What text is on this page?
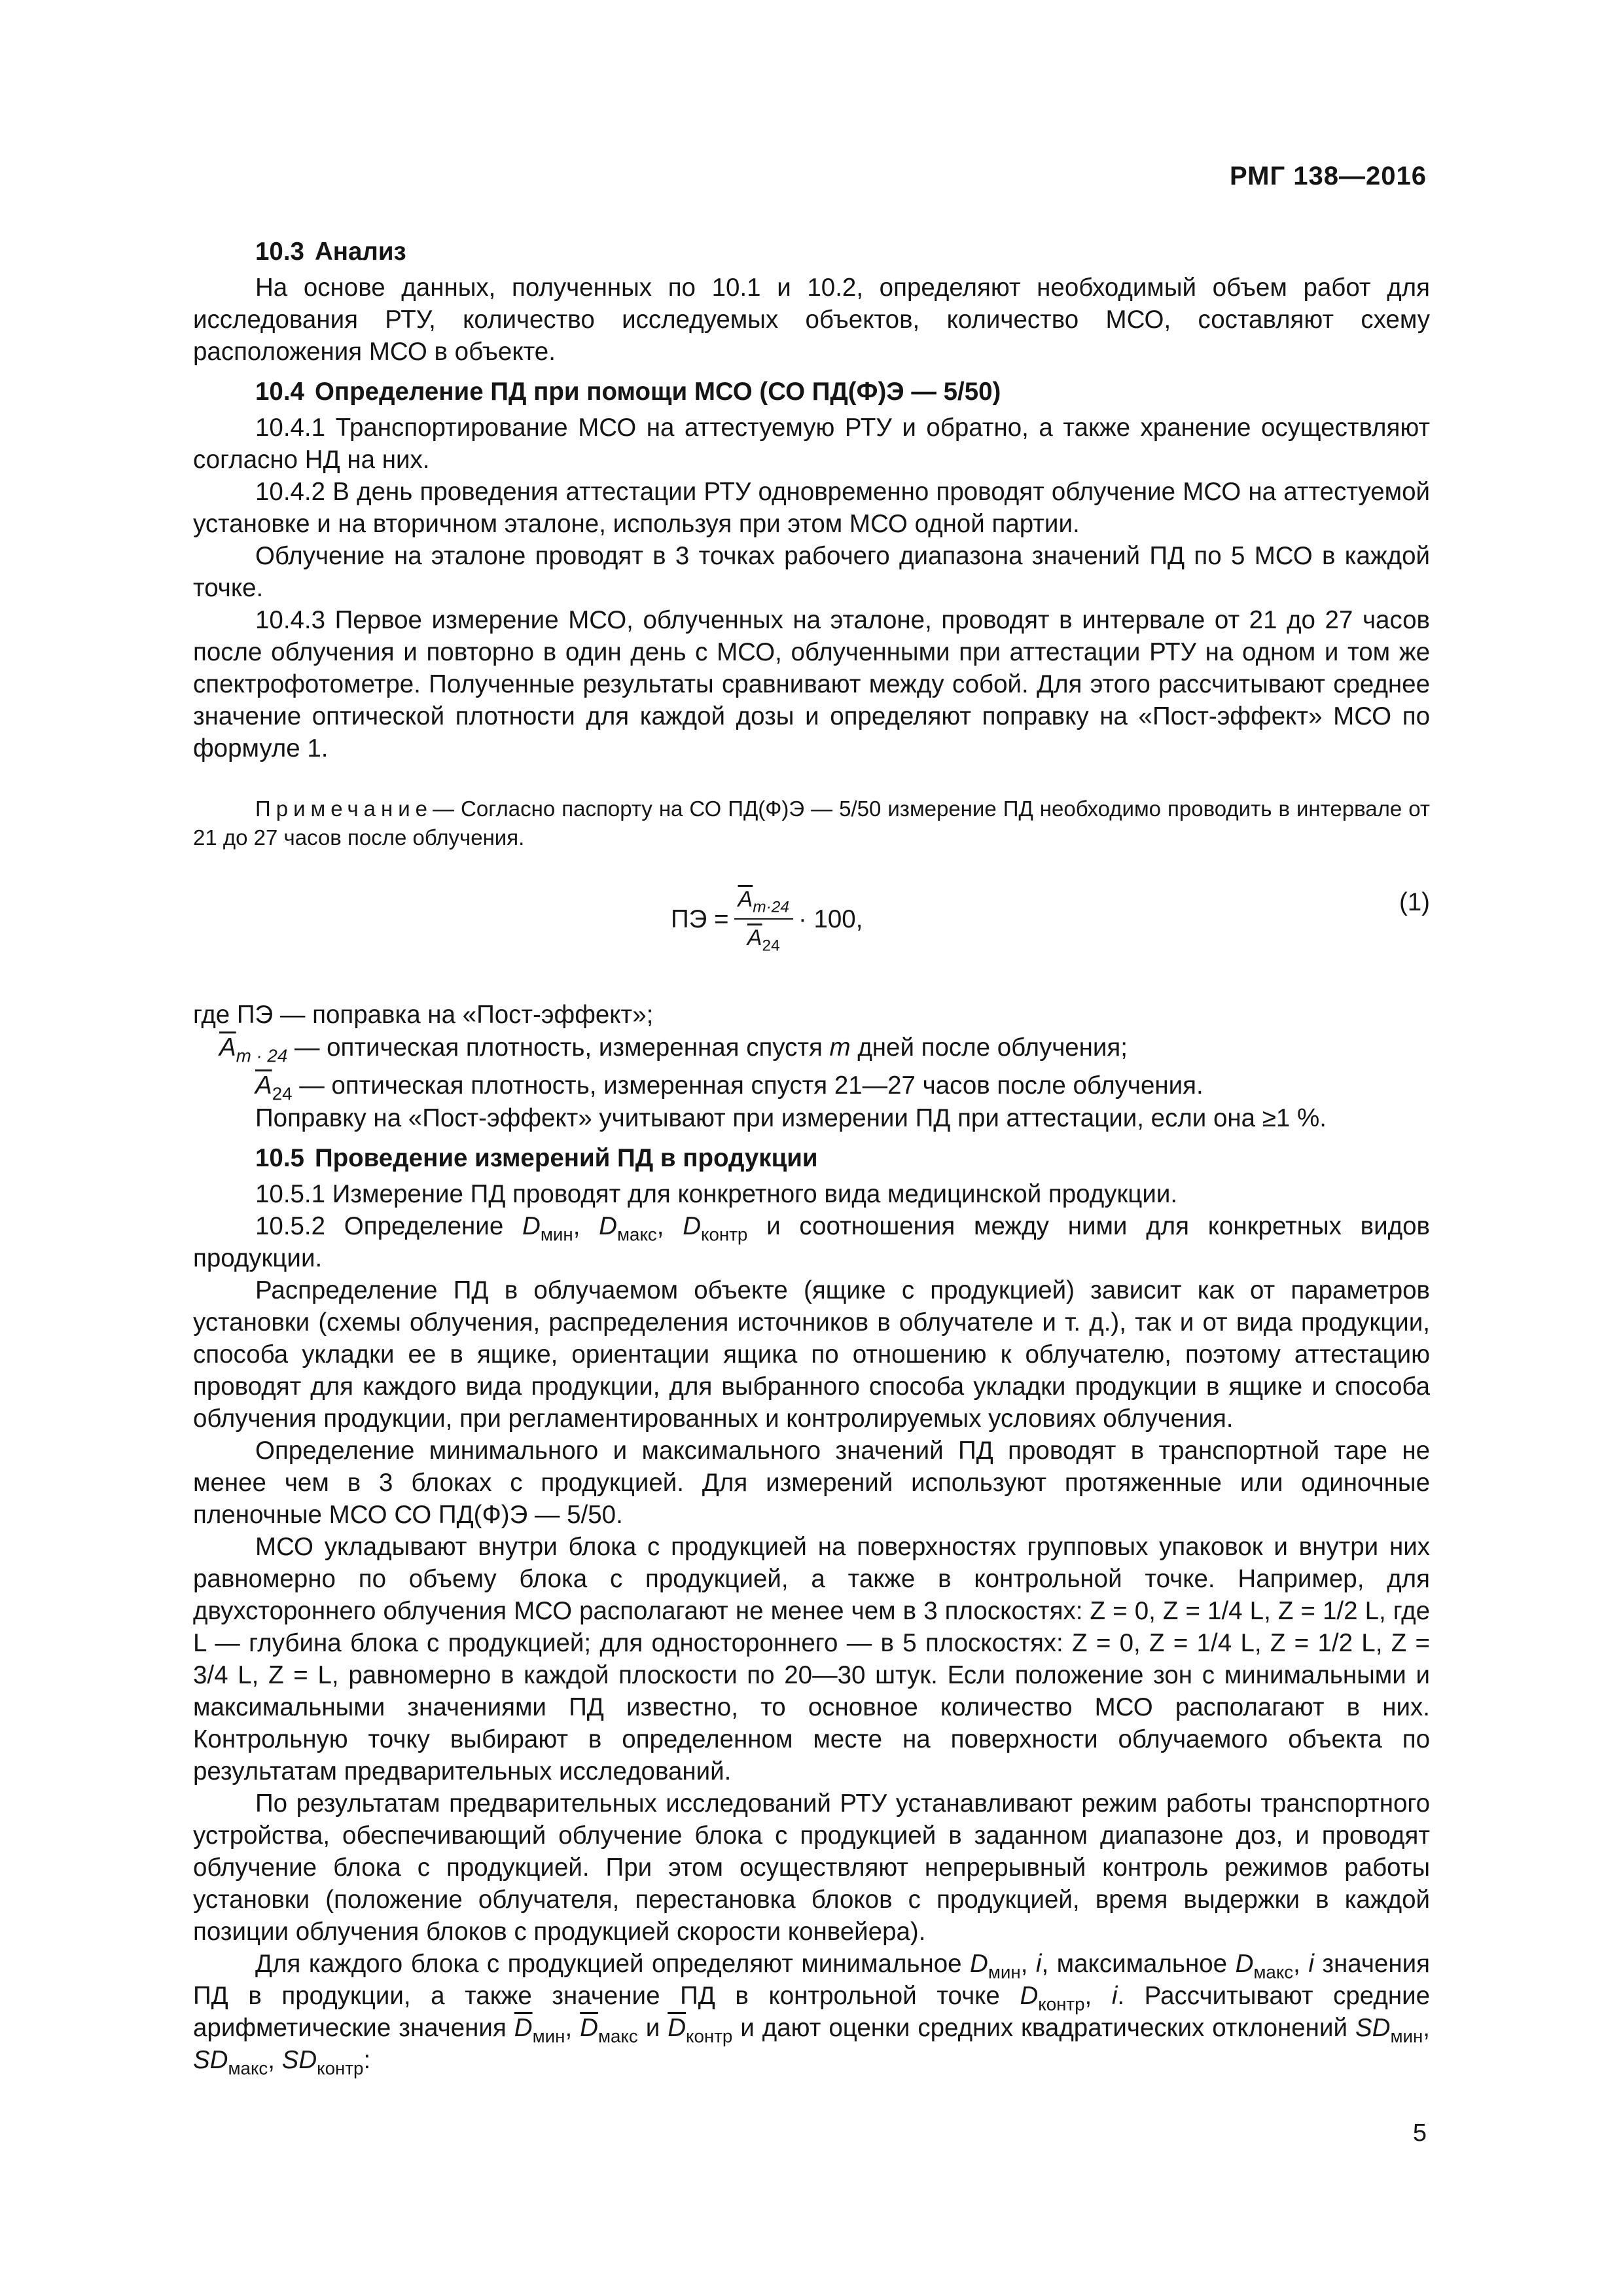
РМГ 138—2016
10.3 Анализ

На основе данных, полученных по 10.1 и 10.2, определяют необходимый объем работ для исследования РТУ, количество исследуемых объектов, количество МСО, составляют схему расположения МСО в объекте.

10.4 Определение ПД при помощи МСО (СО ПД(Ф)Э — 5/50)

10.4.1 Транспортирование МСО на аттестуемую РТУ и обратно, а также хранение осуществляют согласно НД на них.

10.4.2 В день проведения аттестации РТУ одновременно проводят облучение МСО на аттестуемой установке и на вторичном эталоне, используя при этом МСО одной партии.

Облучение на эталоне проводят в 3 точках рабочего диапазона значений ПД по 5 МСО в каждой точке.

10.4.3 Первое измерение МСО, облученных на эталоне, проводят в интервале от 21 до 27 часов после облучения и повторно в один день с МСО, облученными при аттестации РТУ на одном и том же спектрофотометре. Полученные результаты сравнивают между собой. Для этого рассчитывают среднее значение оптической плотности для каждой дозы и определяют поправку на «Пост-эффект» МСО по формуле 1.

Примечание— Согласно паспорту на СО ПД(Ф)Э — 5/50 измерение ПД необходимо проводить в интервале от 21 до 27 часов после облучения.

ПЭ = $\frac{\overline{A}_{m\cdot 24}}{\overline{A}_{24}} \cdot 100$,
(1)

где ПЭ — поправка на «Пост-эффект»;

$\overline{A}_{m \cdot 24}$ — оптическая плотность, измеренная спустя m дней после облучения;

$\overline{A}_{24}$ — оптическая плотность, измеренная спустя 21—27 часов после облучения.

Поправку на «Пост-эффект» учитывают при измерении ПД при аттестации, если она ≥1 %.

10.5 Проведение измерений ПД в продукции

10.5.1 Измерение ПД проводят для конкретного вида медицинской продукции.

10.5.2 Определение $D_{мин}$, $D_{макс}$, $D_{контр}$ и соотношения между ними для конкретных видов продукции.

Распределение ПД в облучаемом объекте (ящике с продукцией) зависит как от параметров установки (схемы облучения, распределения источников в облучателе и т. д.), так и от вида продукции, способа укладки ее в ящике, ориентации ящика по отношению к облучателю, поэтому аттестацию проводят для каждого вида продукции, для выбранного способа укладки продукции в ящике и способа облучения продукции, при регламентированных и контролируемых условиях облучения.

Определение минимального и максимального значений ПД проводят в транспортной таре не менее чем в 3 блоках с продукцией. Для измерений используют протяженные или одиночные пленочные МСО СО ПД(Ф)Э — 5/50.

МСО укладывают внутри блока с продукцией на поверхностях групповых упаковок и внутри них равномерно по объему блока с продукцией, а также в контрольной точке. Например, для двухстороннего облучения МСО располагают не менее чем в 3 плоскостях: Z = 0, Z = 1/4 L, Z = 1/2 L, где L — глубина блока с продукцией; для одностороннего — в 5 плоскостях: Z = 0, Z = 1/4 L, Z = 1/2 L, Z = 3/4 L, Z = L, равномерно в каждой плоскости по 20—30 штук. Если положение зон с минимальными и максимальными значениями ПД известно, то основное количество МСО располагают в них. Контрольную точку выбирают в определенном месте на поверхности облучаемого объекта по результатам предварительных исследований.

По результатам предварительных исследований РТУ устанавливают режим работы транспортного устройства, обеспечивающий облучение блока с продукцией в заданном диапазоне доз, и проводят облучение блока с продукцией. При этом осуществляют непрерывный контроль режимов работы установки (положение облучателя, перестановка блоков с продукцией, время выдержки в каждой позиции облучения блоков с продукцией скорости конвейера).

Для каждого блока с продукцией определяют минимальное $D_{мин}$, i, максимальное $D_{макс}$, i значения ПД в продукции, а также значение ПД в контрольной точке $D_{контр}$, i. Рассчитывают средние арифметические значения $\overline{D}_{мин}$, $\overline{D}_{макс}$ и $\overline{D}_{контр}$ и дают оценки средних квадратических отклонений $SD_{мин}$, $SD_{макс}$, $SD_{контр}$:

5
